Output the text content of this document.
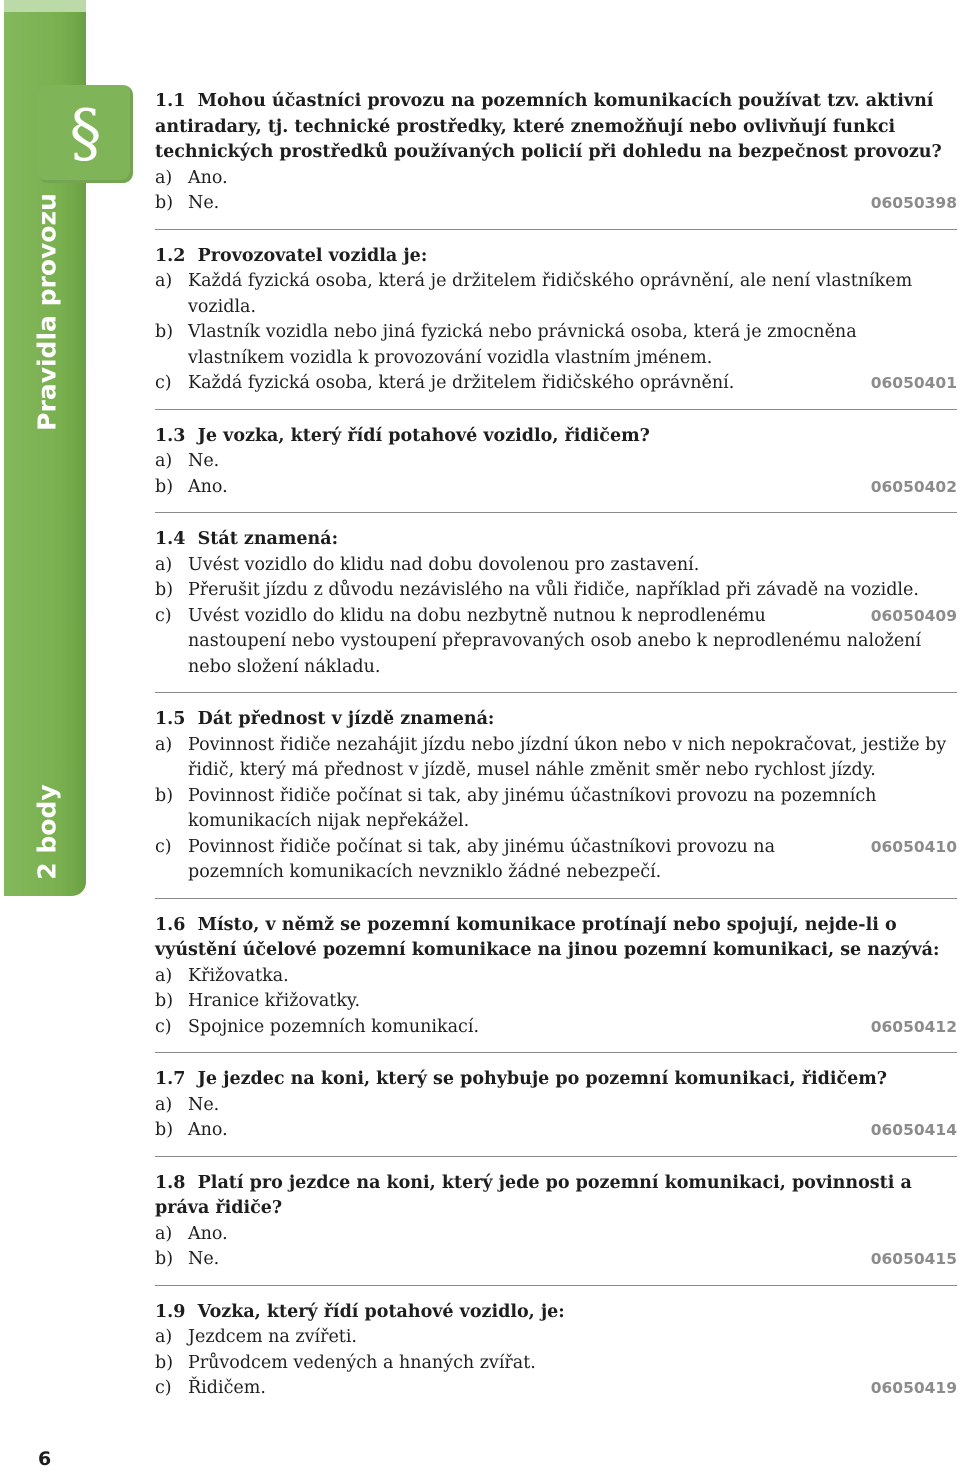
Pravidla provozu
2 body
§	1.1 Mohou účastníci provozu na pozemních komunikacích používat tzv. aktivní antiradary, tj. technické prostředky, které znemožňují nebo ovlivňují funkci technických prostředků používaných policií při dohledu na bezpečnost provozu?
a) Ano.
b)	06050398
Ne.
1.2 Provozovatel vozidla je:
a) Každá fyzická osoba, která je držitelem řidičského oprávnění, ale není vlastníkem vozidla.
b) Vlastník vozidla nebo jiná fyzická nebo právnická osoba, která je zmocněna vlastníkem vozidla k provozování vozidla vlastním jménem.
c)	06050401
Každá fyzická osoba, která je držitelem řidičského oprávnění.
1.3 Je vozka, který řídí potahové vozidlo, řidičem?
a) Ne.
b)	06050402
Ano.
1.4 Stát znamená:
a) Uvést vozidlo do klidu nad dobu dovolenou pro zastavení.
b) Přerušit jízdu z důvodu nezávislého na vůli řidiče, například při závadě na vozidle.
c)	06050409
Uvést vozidlo do klidu na dobu nezbytně nutnou k neprodlenému nastoupení nebo vystoupení přepravovaných osob anebo k neprodlenému naložení nebo složení nákladu.
1.5 Dát přednost v jízdě znamená:
a) Povinnost řidiče nezahájit jízdu nebo jízdní úkon nebo v nich nepokračovat, jestiže by řidič, který má přednost v jízdě, musel náhle změnit směr nebo rychlost jízdy.
b) Povinnost řidiče počínat si tak, aby jinému účastníkovi provozu na pozemních komunikacích nijak nepřekážel.
c)	06050410
Povinnost řidiče počínat si tak, aby jinému účastníkovi provozu na pozemních komunikacích nevzniklo žádné nebezpečí.
1.6 Místo, v němž se pozemní komunikace protínají nebo spojují, nejde-li o vyústění účelové pozemní komunikace na jinou pozemní komunikaci, se nazývá:
a) Křižovatka.
b) Hranice křižovatky.
c)	06050412
Spojnice pozemních komunikací.
1.7 Je jezdec na koni, který se pohybuje po pozemní komunikaci, řidičem?
a) Ne.
b)	06050414
Ano.
1.8 Platí pro jezdce na koni, který jede po pozemní komunikaci, povinnosti a práva řidiče?
a) Ano.
b)	06050415
Ne.
1.9 Vozka, který řídí potahové vozidlo, je:
a) Jezdcem na zvířeti.
b) Průvodcem vedených a hnaných zvířat.
c)	06050419
Řidičem.
6
